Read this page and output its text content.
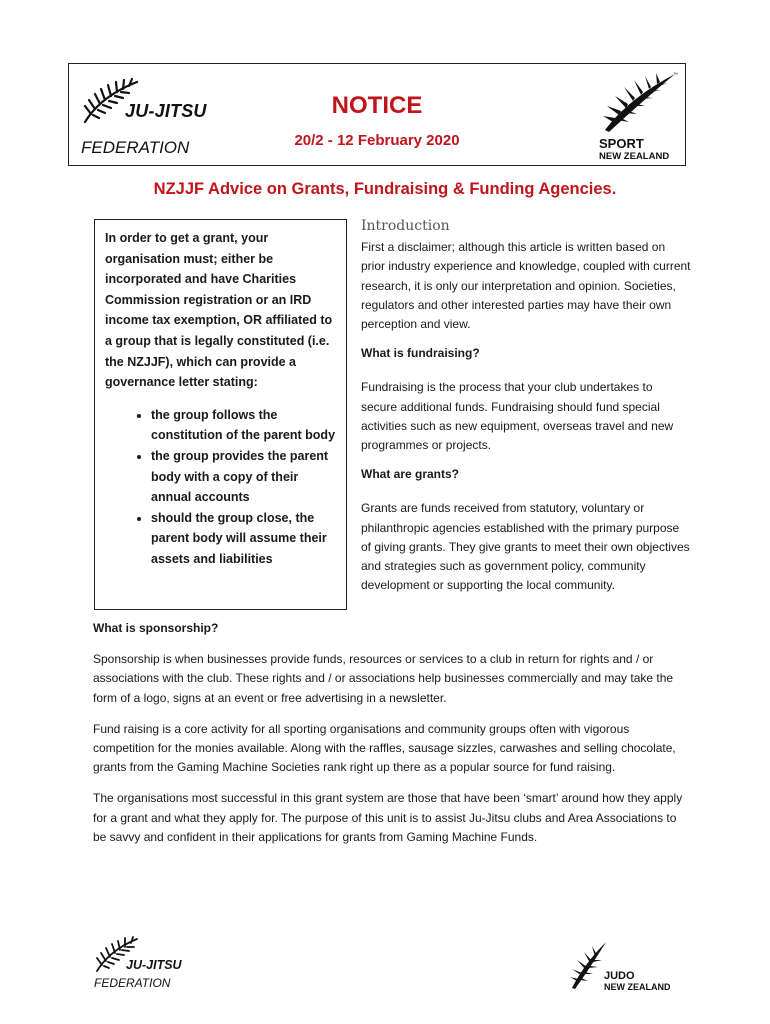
JU-JITSU
FEDERATION
NOTICE
20/2 - 12 February 2020
™
SPORT
NEW ZEALAND
NZJJF Advice on Grants, Fundraising & Funding Agencies.

In order to get a grant, your organisation must; either be incorporated and have Charities Commission registration or an IRD income tax exemption, OR affiliated to a group that is legally constituted (i.e. the NZJJF), which can provide a governance letter stating:

• the group follows the constitution of the parent body
• the group provides the parent body with a copy of their annual accounts
• should the group close, the parent body will assume their assets and liabilities
Introduction

First a disclaimer; although this article is written based on prior industry experience and knowledge, coupled with current research, it is only our interpretation and opinion. Societies, regulators and other interested parties may have their own perception and view.

What is fundraising?

Fundraising is the process that your club undertakes to secure additional funds. Fundraising should fund special activities such as new equipment, overseas travel and new programmes or projects.

What are grants?

Grants are funds received from statutory, voluntary or philanthropic agencies established with the primary purpose of giving grants. They give grants to meet their own objectives and strategies such as government policy, community development or supporting the local community.

What is sponsorship?

Sponsorship is when businesses provide funds, resources or services to a club in return for rights and / or associations with the club. These rights and / or associations help businesses commercially and may take the form of a logo, signs at an event or free advertising in a newsletter.

Fund raising is a core activity for all sporting organisations and community groups often with vigorous competition for the monies available. Along with the raffles, sausage sizzles, carwashes and selling chocolate, grants from the Gaming Machine Societies rank right up there as a popular source for fund raising.

The organisations most successful in this grant system are those that have been ‘smart’ around how they apply for a grant and what they apply for. The purpose of this unit is to assist Ju-Jitsu clubs and Area Associations to be savvy and confident in their applications for grants from Gaming Machine Funds.

JU-JITSU
FEDERATION	JUDO
NEW ZEALAND
